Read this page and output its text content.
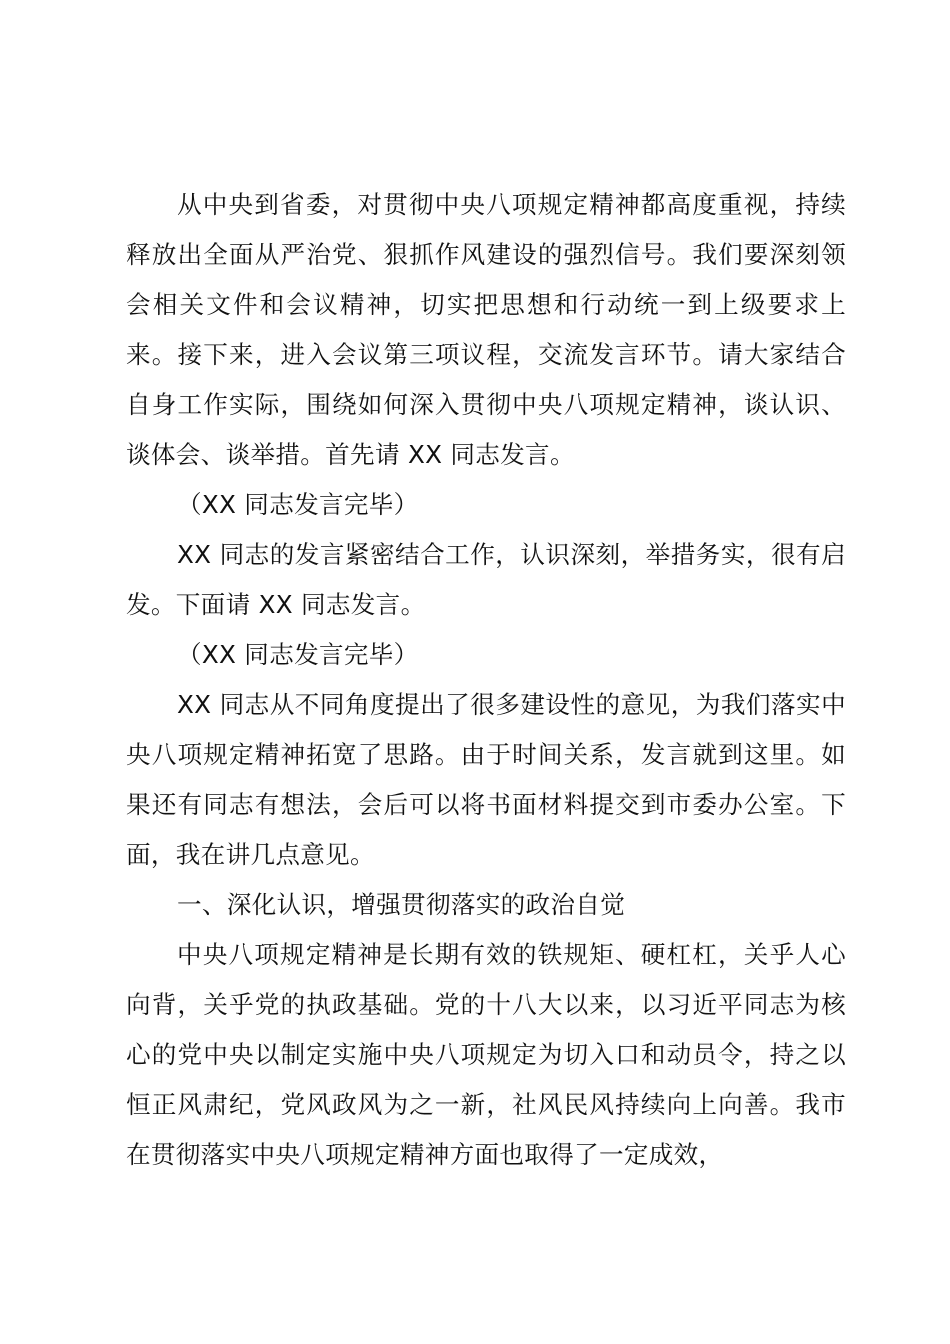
从中央到省委，对贯彻中央八项规定精神都高度重视，持续释放出全面从严治党、狠抓作风建设的强烈信号。我们要深刻领会相关文件和会议精神，切实把思想和行动统一到上级要求上来。接下来，进入会议第三项议程，交流发言环节。请大家结合自身工作实际，围绕如何深入贯彻中央八项规定精神，谈认识、谈体会、谈举措。首先请 XX 同志发言。

（XX 同志发言完毕）

XX 同志的发言紧密结合工作，认识深刻，举措务实，很有启发。下面请 XX 同志发言。

（XX 同志发言完毕）

XX 同志从不同角度提出了很多建设性的意见，为我们落实中央八项规定精神拓宽了思路。由于时间关系，发言就到这里。如果还有同志有想法，会后可以将书面材料提交到市委办公室。下面，我在讲几点意见。

一、深化认识，增强贯彻落实的政治自觉

中央八项规定精神是长期有效的铁规矩、硬杠杠，关乎人心向背，关乎党的执政基础。党的十八大以来，以习近平同志为核心的党中央以制定实施中央八项规定为切入口和动员令，持之以恒正风肃纪，党风政风为之一新，社风民风持续向上向善。我市在贯彻落实中央八项规定精神方面也取得了一定成效，
